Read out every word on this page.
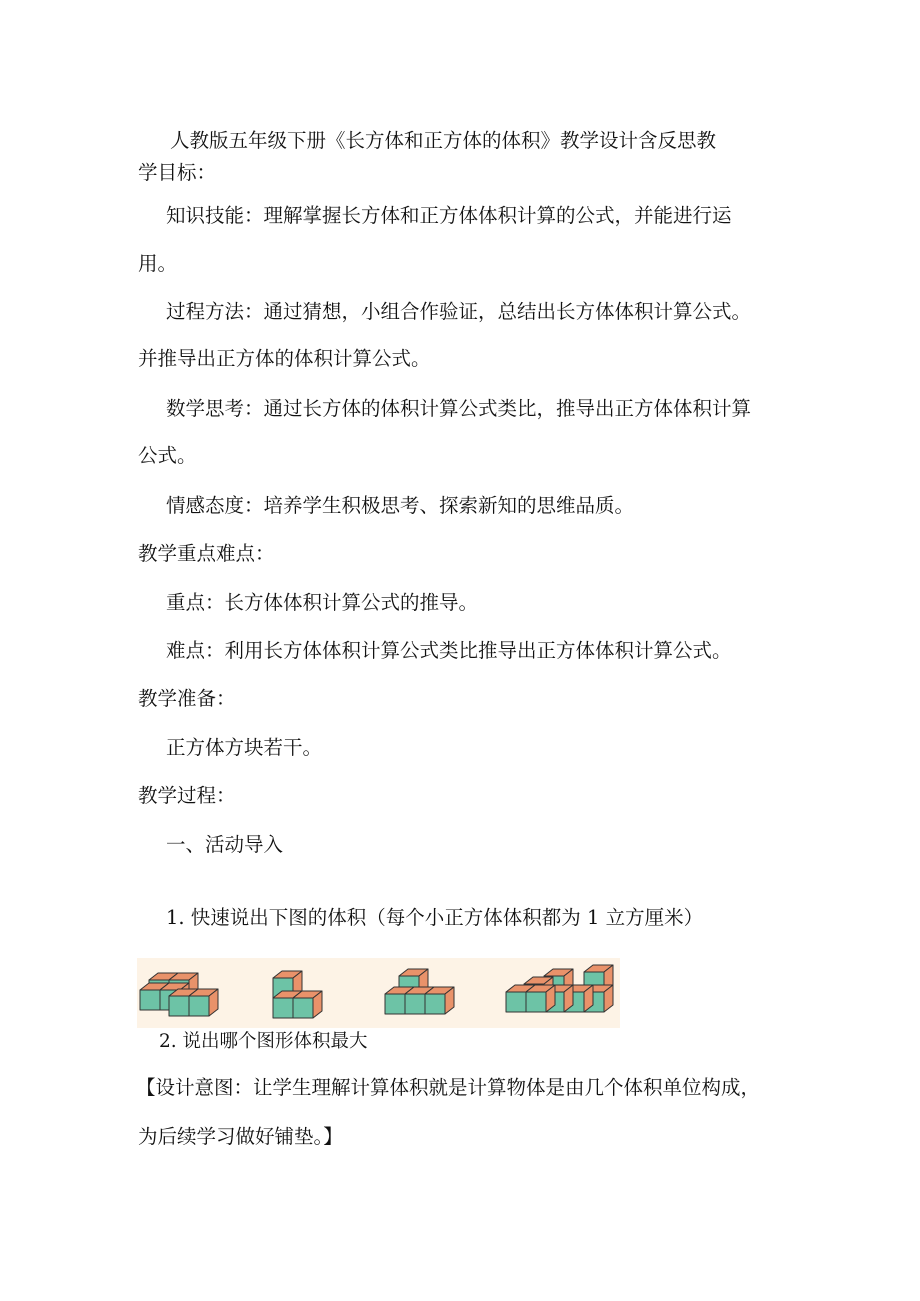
人教版五年级下册《长方体和正方体的体积》教学设计含反思教
学目标：
知识技能：理解掌握长方体和正方体体积计算的公式，并能进行运
用。
过程方法：通过猜想，小组合作验证，总结出长方体体积计算公式。
并推导出正方体的体积计算公式。
数学思考：通过长方体的体积计算公式类比，推导出正方体体积计算
公式。
情感态度：培养学生积极思考、探索新知的思维品质。
教学重点难点：
重点：长方体体积计算公式的推导。
难点：利用长方体体积计算公式类比推导出正方体体积计算公式。
教学准备：
正方体方块若干。
教学过程：
一、活动导入
1. 快速说出下图的体积（每个小正方体体积都为 1 立方厘米）
2. 说出哪个图形体积最大
【设计意图：让学生理解计算体积就是计算物体是由几个体积单位构成，
为后续学习做好铺垫。】
